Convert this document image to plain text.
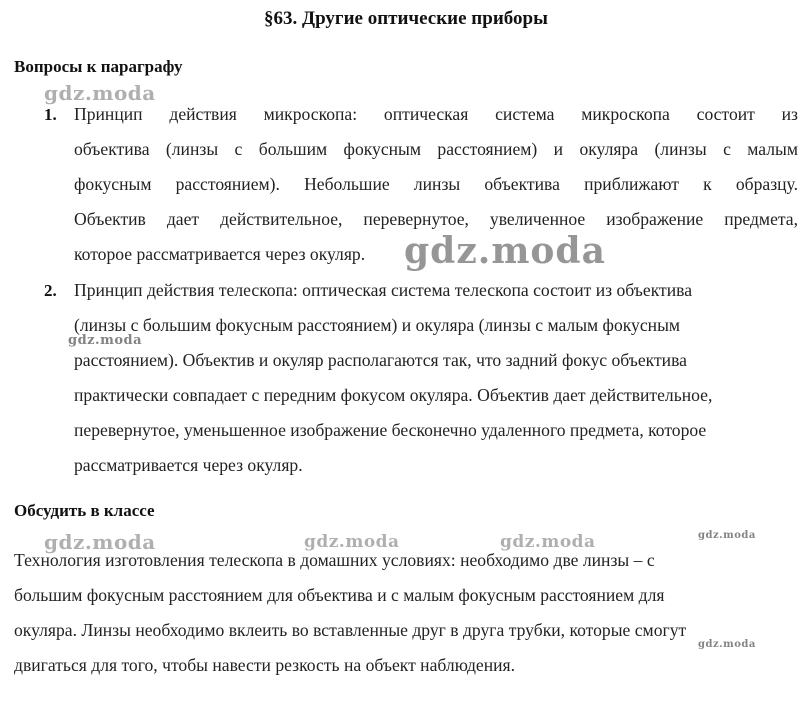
§63. Другие оптические приборы
Вопросы к параграфу
1. Принцип действия микроскопа: оптическая система микроскопа состоит из
объектива (линзы с большим фокусным расстоянием) и окуляра (линзы с малым
фокусным расстоянием). Небольшие линзы объектива приближают к образцу.
Объектив дает действительное, перевернутое, увеличенное изображение предмета,
которое рассматривается через окуляр.
2. Принцип действия телескопа: оптическая система телескопа состоит из объектива
(линзы с большим фокусным расстоянием) и окуляра (линзы с малым фокусным
расстоянием). Объектив и окуляр располагаются так, что задний фокус объектива
практически совпадает с передним фокусом окуляра. Объектив дает действительное,
перевернутое, уменьшенное изображение бесконечно удаленного предмета, которое
рассматривается через окуляр.
Обсудить в классе
Технология изготовления телескопа в домашних условиях: необходимо две линзы – с
большим фокусным расстоянием для объектива и с малым фокусным расстоянием для
окуляра. Линзы необходимо вклеить во вставленные друг в друга трубки, которые смогут
двигаться для того, чтобы навести резкость на объект наблюдения.
gdz.moda
gdz.moda
gdz.moda
gdz.moda	gdz.moda	gdz.moda	gdz.moda
gdz.moda
